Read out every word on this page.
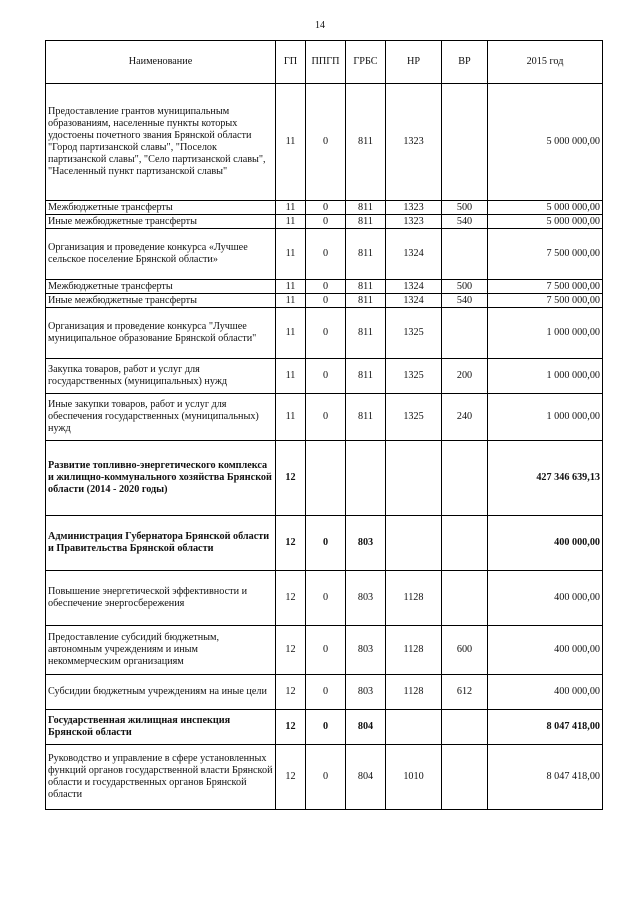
14
Наименование	ГП	ППГП	ГРБС	НР	ВР	2015 год
Предоставление грантов муниципальным образованиям, населенные пункты которых удостоены почетного звания Брянской области "Город партизанской славы", "Поселок партизанской славы", "Село партизанской славы", "Населенный пункт партизанской славы"	11	0	811	1323		5 000 000,00
Межбюджетные трансферты	11	0	811	1323	500	5 000 000,00
Иные межбюджетные трансферты	11	0	811	1323	540	5 000 000,00
Организация и проведение конкурса «Лучшее сельское поселение Брянской области»	11	0	811	1324		7 500 000,00
Межбюджетные трансферты	11	0	811	1324	500	7 500 000,00
Иные межбюджетные трансферты	11	0	811	1324	540	7 500 000,00
Организация и проведение конкурса "Лучшее муниципальное образование Брянской области"	11	0	811	1325		1 000 000,00
Закупка товаров, работ и услуг для государственных (муниципальных) нужд	11	0	811	1325	200	1 000 000,00
Иные закупки товаров, работ и услуг для обеспечения государственных (муниципальных) нужд	11	0	811	1325	240	1 000 000,00
Развитие топливно-энергетического комплекса и жилищно-коммунального хозяйства Брянской области (2014 - 2020 годы)	12					427 346 639,13
Администрация Губернатора Брянской области и Правительства Брянской области	12	0	803			400 000,00
Повышение энергетической эффективности и обеспечение энергосбережения	12	0	803	1128		400 000,00
Предоставление субсидий бюджетным, автономным учреждениям и иным некоммерческим организациям	12	0	803	1128	600	400 000,00
Субсидии бюджетным учреждениям на иные цели	12	0	803	1128	612	400 000,00
Государственная жилищная инспекция Брянской области	12	0	804			8 047 418,00
Руководство и управление в сфере установленных функций органов государственной власти Брянской области и государственных органов Брянской области	12	0	804	1010		8 047 418,00
